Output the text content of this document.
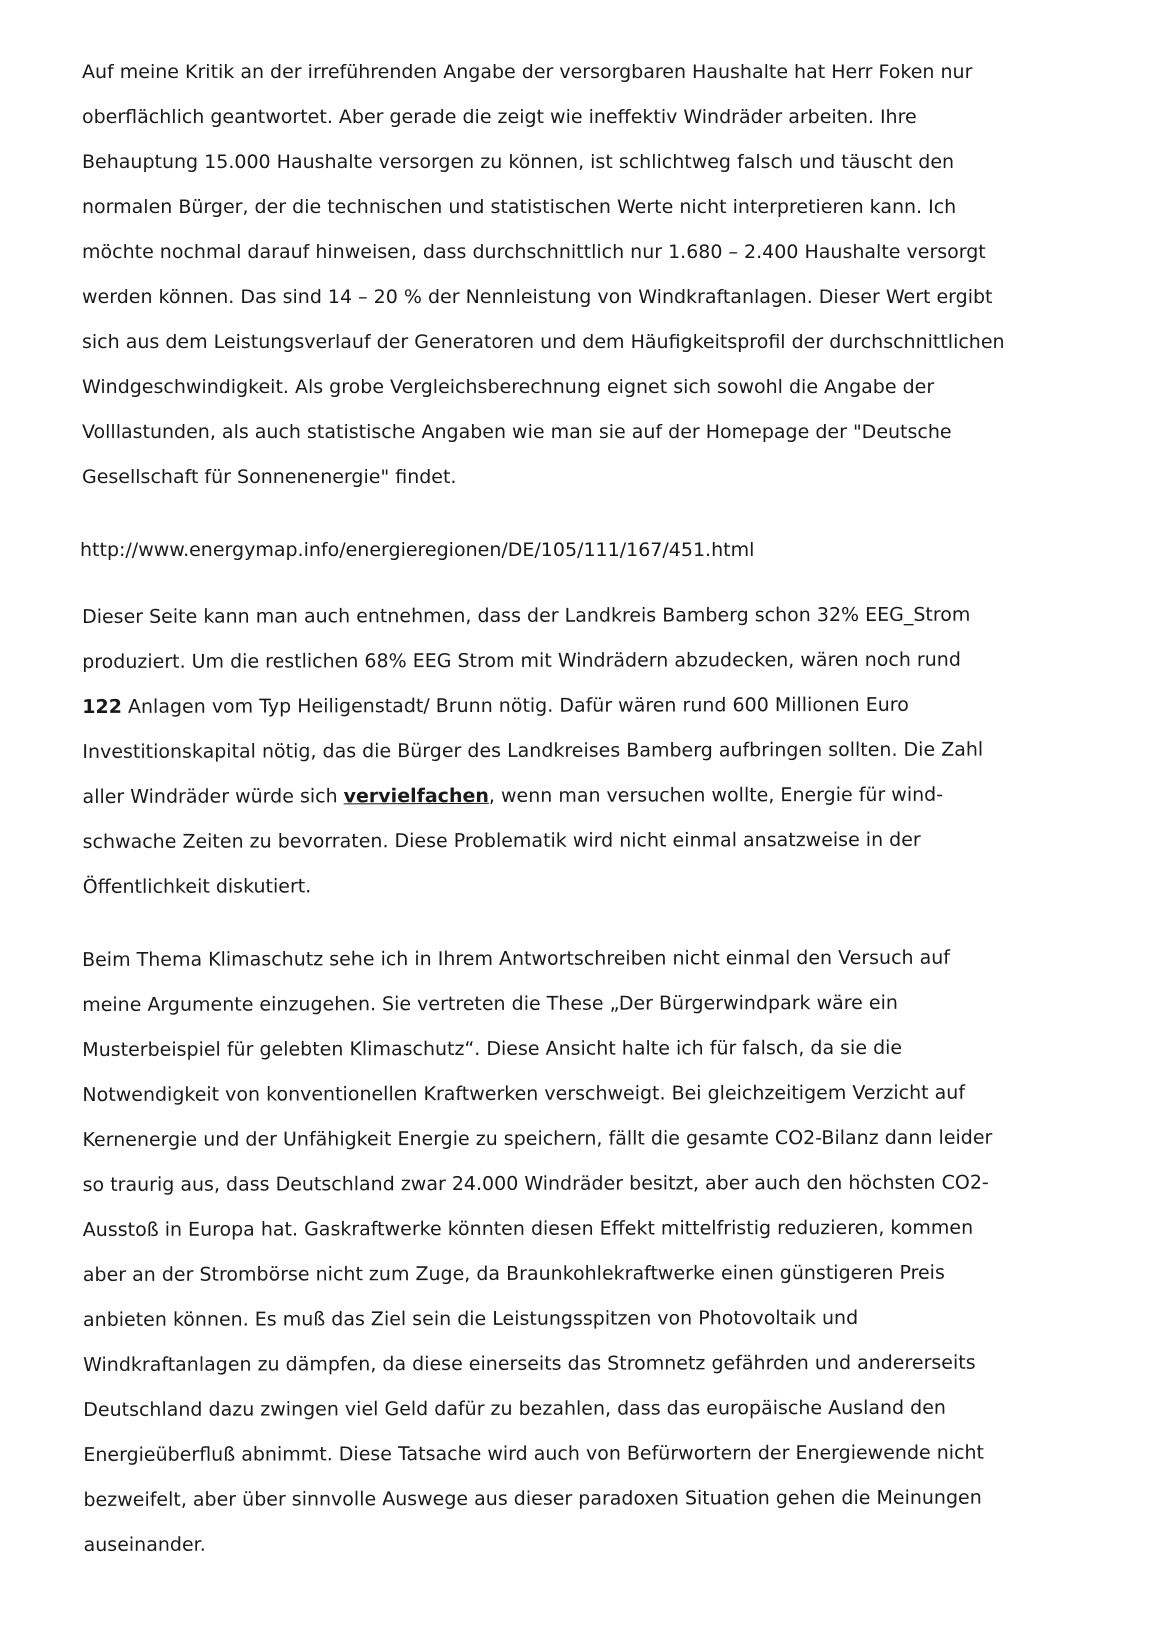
Auf meine Kritik an der irreführenden Angabe der versorgbaren Haushalte hat Herr Foken nur
oberflächlich geantwortet. Aber gerade die zeigt wie ineffektiv Windräder arbeiten. Ihre
Behauptung 15.000 Haushalte versorgen zu können, ist schlichtweg falsch und täuscht den
normalen Bürger, der die technischen und statistischen Werte nicht interpretieren kann. Ich
möchte nochmal darauf hinweisen, dass durchschnittlich nur 1.680 – 2.400 Haushalte versorgt
werden können. Das sind 14 – 20 % der Nennleistung von Windkraftanlagen. Dieser Wert ergibt
sich aus dem Leistungsverlauf der Generatoren und dem Häufigkeitsprofil der durchschnittlichen
Windgeschwindigkeit. Als grobe Vergleichsberechnung eignet sich sowohl die Angabe der
Volllastunden, als auch statistische Angaben wie man sie auf der Homepage der "Deutsche
Gesellschaft für Sonnenenergie" findet.

http://www.energymap.info/energieregionen/DE/105/111/167/451.html

Dieser Seite kann man auch entnehmen, dass der Landkreis Bamberg schon 32% EEG_Strom
produziert. Um die restlichen 68% EEG Strom mit Windrädern abzudecken, wären noch rund
122 Anlagen vom Typ Heiligenstadt/ Brunn nötig. Dafür wären rund 600 Millionen Euro
Investitionskapital nötig, das die Bürger des Landkreises Bamberg aufbringen sollten. Die Zahl
aller Windräder würde sich vervielfachen, wenn man versuchen wollte, Energie für wind-
schwache Zeiten zu bevorraten. Diese Problematik wird nicht einmal ansatzweise in der
Öffentlichkeit diskutiert.

Beim Thema Klimaschutz sehe ich in Ihrem Antwortschreiben nicht einmal den Versuch auf
meine Argumente einzugehen. Sie vertreten die These „Der Bürgerwindpark wäre ein
Musterbeispiel für gelebten Klimaschutz“. Diese Ansicht halte ich für falsch, da sie die
Notwendigkeit von konventionellen Kraftwerken verschweigt. Bei gleichzeitigem Verzicht auf
Kernenergie und der Unfähigkeit Energie zu speichern, fällt die gesamte CO2-Bilanz dann leider
so traurig aus, dass Deutschland zwar 24.000 Windräder besitzt, aber auch den höchsten CO2-
Ausstoß in Europa hat. Gaskraftwerke könnten diesen Effekt mittelfristig reduzieren, kommen
aber an der Strombörse nicht zum Zuge, da Braunkohlekraftwerke einen günstigeren Preis
anbieten können. Es muß das Ziel sein die Leistungsspitzen von Photovoltaik und
Windkraftanlagen zu dämpfen, da diese einerseits das Stromnetz gefährden und andererseits
Deutschland dazu zwingen viel Geld dafür zu bezahlen, dass das europäische Ausland den
Energieüberfluß abnimmt. Diese Tatsache wird auch von Befürwortern der Energiewende nicht
bezweifelt, aber über sinnvolle Auswege aus dieser paradoxen Situation gehen die Meinungen
auseinander.
